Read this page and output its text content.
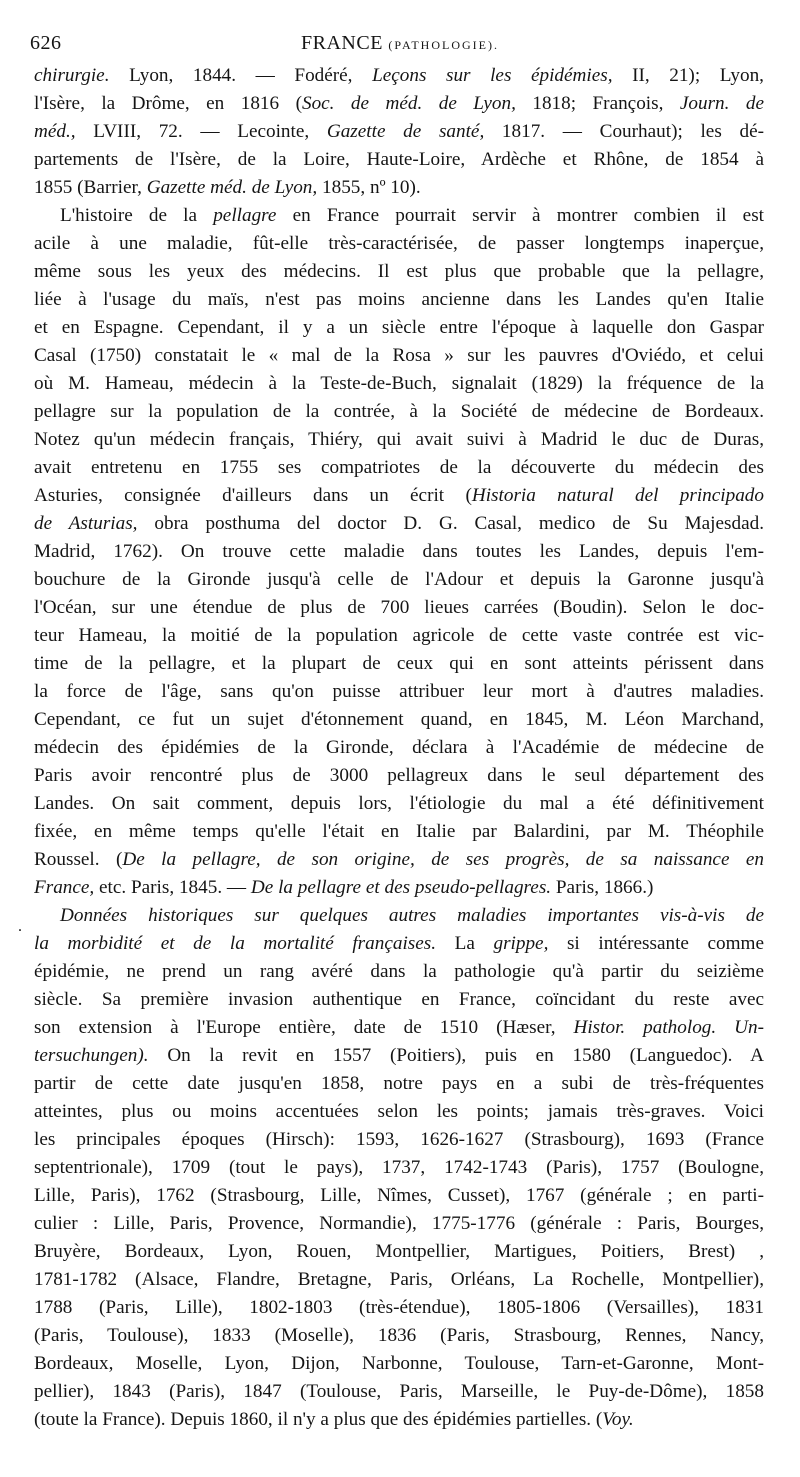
626	FRANCE (PATHOLOGIE).
.
chirurgie. Lyon, 1844. — Fodéré, Leçons sur les épidémies, II, 21); Lyon,
l'Isère, la Drôme, en 1816 (Soc. de méd. de Lyon, 1818; François, Journ. de
méd., LVIII, 72. — Lecointe, Gazette de santé, 1817. — Courhaut); les dé-
partements de l'Isère, de la Loire, Haute-Loire, Ardèche et Rhône, de 1854 à
1855 (Barrier, Gazette méd. de Lyon, 1855, nº 10).
L'histoire de la pellagre en France pourrait servir à montrer combien il est
acile à une maladie, fût-elle très-caractérisée, de passer longtemps inaperçue,
même sous les yeux des médecins. Il est plus que probable que la pellagre,
liée à l'usage du maïs, n'est pas moins ancienne dans les Landes qu'en Italie
et en Espagne. Cependant, il y a un siècle entre l'époque à laquelle don Gaspar
Casal (1750) constatait le « mal de la Rosa » sur les pauvres d'Oviédo, et celui
où M. Hameau, médecin à la Teste-de-Buch, signalait (1829) la fréquence de la
pellagre sur la population de la contrée, à la Société de médecine de Bordeaux.
Notez qu'un médecin français, Thiéry, qui avait suivi à Madrid le duc de Duras,
avait entretenu en 1755 ses compatriotes de la découverte du médecin des
Asturies, consignée d'ailleurs dans un écrit (Historia natural del principado
de Asturias, obra posthuma del doctor D. G. Casal, medico de Su Majesdad.
Madrid, 1762). On trouve cette maladie dans toutes les Landes, depuis l'em-
bouchure de la Gironde jusqu'à celle de l'Adour et depuis la Garonne jusqu'à
l'Océan, sur une étendue de plus de 700 lieues carrées (Boudin). Selon le doc-
teur Hameau, la moitié de la population agricole de cette vaste contrée est vic-
time de la pellagre, et la plupart de ceux qui en sont atteints périssent dans
la force de l'âge, sans qu'on puisse attribuer leur mort à d'autres maladies.
Cependant, ce fut un sujet d'étonnement quand, en 1845, M. Léon Marchand,
médecin des épidémies de la Gironde, déclara à l'Académie de médecine de
Paris avoir rencontré plus de 3000 pellagreux dans le seul département des
Landes. On sait comment, depuis lors, l'étiologie du mal a été définitivement
fixée, en même temps qu'elle l'était en Italie par Balardini, par M. Théophile
Roussel. (De la pellagre, de son origine, de ses progrès, de sa naissance en
France, etc. Paris, 1845. — De la pellagre et des pseudo-pellagres. Paris, 1866.)
Données historiques sur quelques autres maladies importantes vis-à-vis de
la morbidité et de la mortalité françaises. La grippe, si intéressante comme
épidémie, ne prend un rang avéré dans la pathologie qu'à partir du seizième
siècle. Sa première invasion authentique en France, coïncidant du reste avec
son extension à l'Europe entière, date de 1510 (Hæser, Histor. patholog. Un-
tersuchungen). On la revit en 1557 (Poitiers), puis en 1580 (Languedoc). A
partir de cette date jusqu'en 1858, notre pays en a subi de très-fréquentes
atteintes, plus ou moins accentuées selon les points; jamais très-graves. Voici
les principales époques (Hirsch): 1593, 1626-1627 (Strasbourg), 1693 (France
septentrionale), 1709 (tout le pays), 1737, 1742-1743 (Paris), 1757 (Boulogne,
Lille, Paris), 1762 (Strasbourg, Lille, Nîmes, Cusset), 1767 (générale ; en parti-
culier : Lille, Paris, Provence, Normandie), 1775-1776 (générale : Paris, Bourges,
Bruyère, Bordeaux, Lyon, Rouen, Montpellier, Martigues, Poitiers, Brest) ,
1781-1782 (Alsace, Flandre, Bretagne, Paris, Orléans, La Rochelle, Montpellier),
1788 (Paris, Lille), 1802-1803 (très-étendue), 1805-1806 (Versailles), 1831
(Paris, Toulouse), 1833 (Moselle), 1836 (Paris, Strasbourg, Rennes, Nancy,
Bordeaux, Moselle, Lyon, Dijon, Narbonne, Toulouse, Tarn-et-Garonne, Mont-
pellier), 1843 (Paris), 1847 (Toulouse, Paris, Marseille, le Puy-de-Dôme), 1858
(toute la France). Depuis 1860, il n'y a plus que des épidémies partielles. (Voy.
